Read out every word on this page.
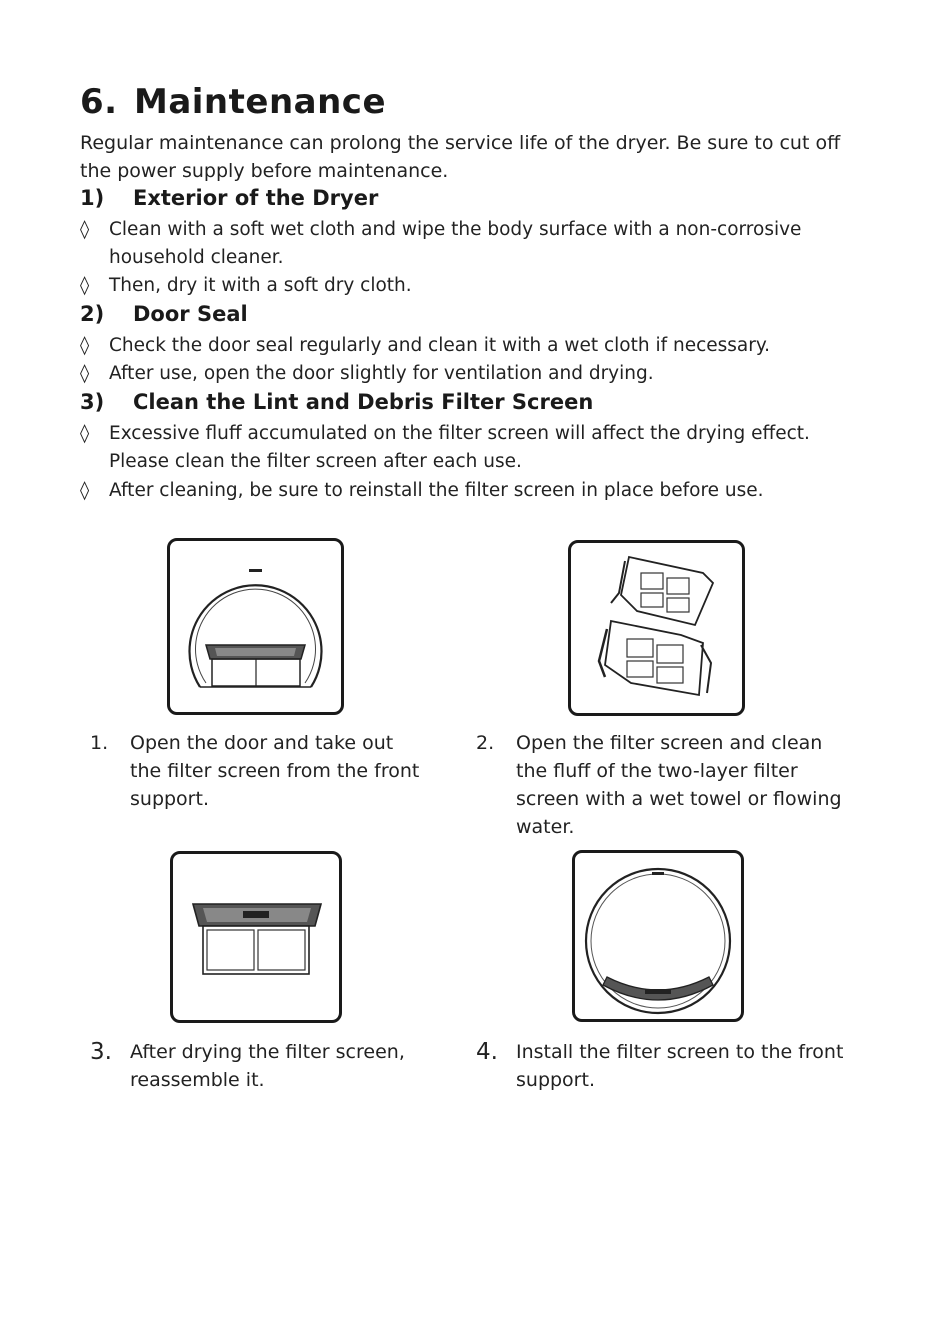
6. Maintenance
Regular maintenance can prolong the service life of the dryer. Be sure to cut off the power supply before maintenance.
1) Exterior of the Dryer
◊	Clean with a soft wet cloth and wipe the body surface with a non-corrosive household cleaner.
◊	Then, dry it with a soft dry cloth.
2) Door Seal
◊	Check the door seal regularly and clean it with a wet cloth if necessary.
◊	After use, open the door slightly for ventilation and drying.
3) Clean the Lint and Debris Filter Screen
◊	Excessive fluff accumulated on the filter screen will affect the drying effect. Please clean the filter screen after each use.
◊	After cleaning, be sure to reinstall the filter screen in place before use.
1.	Open the door and take out the filter screen from the front support.
2.	Open the filter screen and clean the fluff of the two-layer filter screen with a wet towel or flowing water.
3. After drying the filter screen, reassemble it.
4. Install the filter screen to the front support.
